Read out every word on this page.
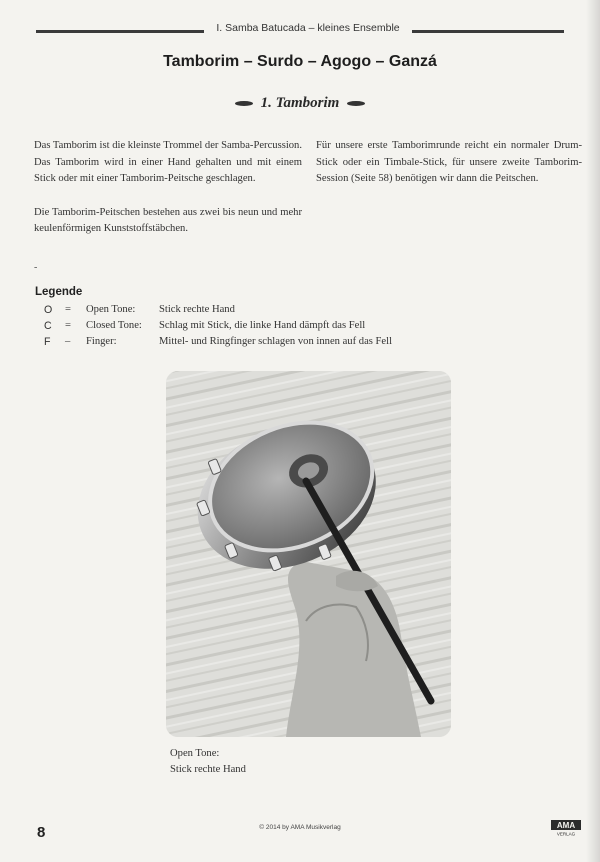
I. Samba Batucada – kleines Ensemble
Tamborim – Surdo – Agogo – Ganzá
1. Tamborim

Das Tamborim ist die kleinste Trommel der Samba-Percussion. Das Tamborim wird in einer Hand gehalten und mit einem Stick oder mit einer Tamborim-Peitsche geschlagen.

Die Tamborim-Peitschen bestehen aus zwei bis neun und mehr keulenförmigen Kunststoffstäbchen.

Für unsere erste Tamborimrunde reicht ein normaler Drum-Stick oder ein Timbale-Stick, für unsere zweite Tamborim-Session (Seite 58) benötigen wir dann die Peitschen.

-
Legende
O = Open Tone: Stick rechte Hand
C = Closed Tone: Schlag mit Stick, die linke Hand dämpft das Fell
F – Finger:	Mittel- und Ringfinger schlagen von innen auf das Fell
Open Tone:
Stick rechte Hand
8	© 2014 by AMA Musikverlag	AMA
VERLAG
